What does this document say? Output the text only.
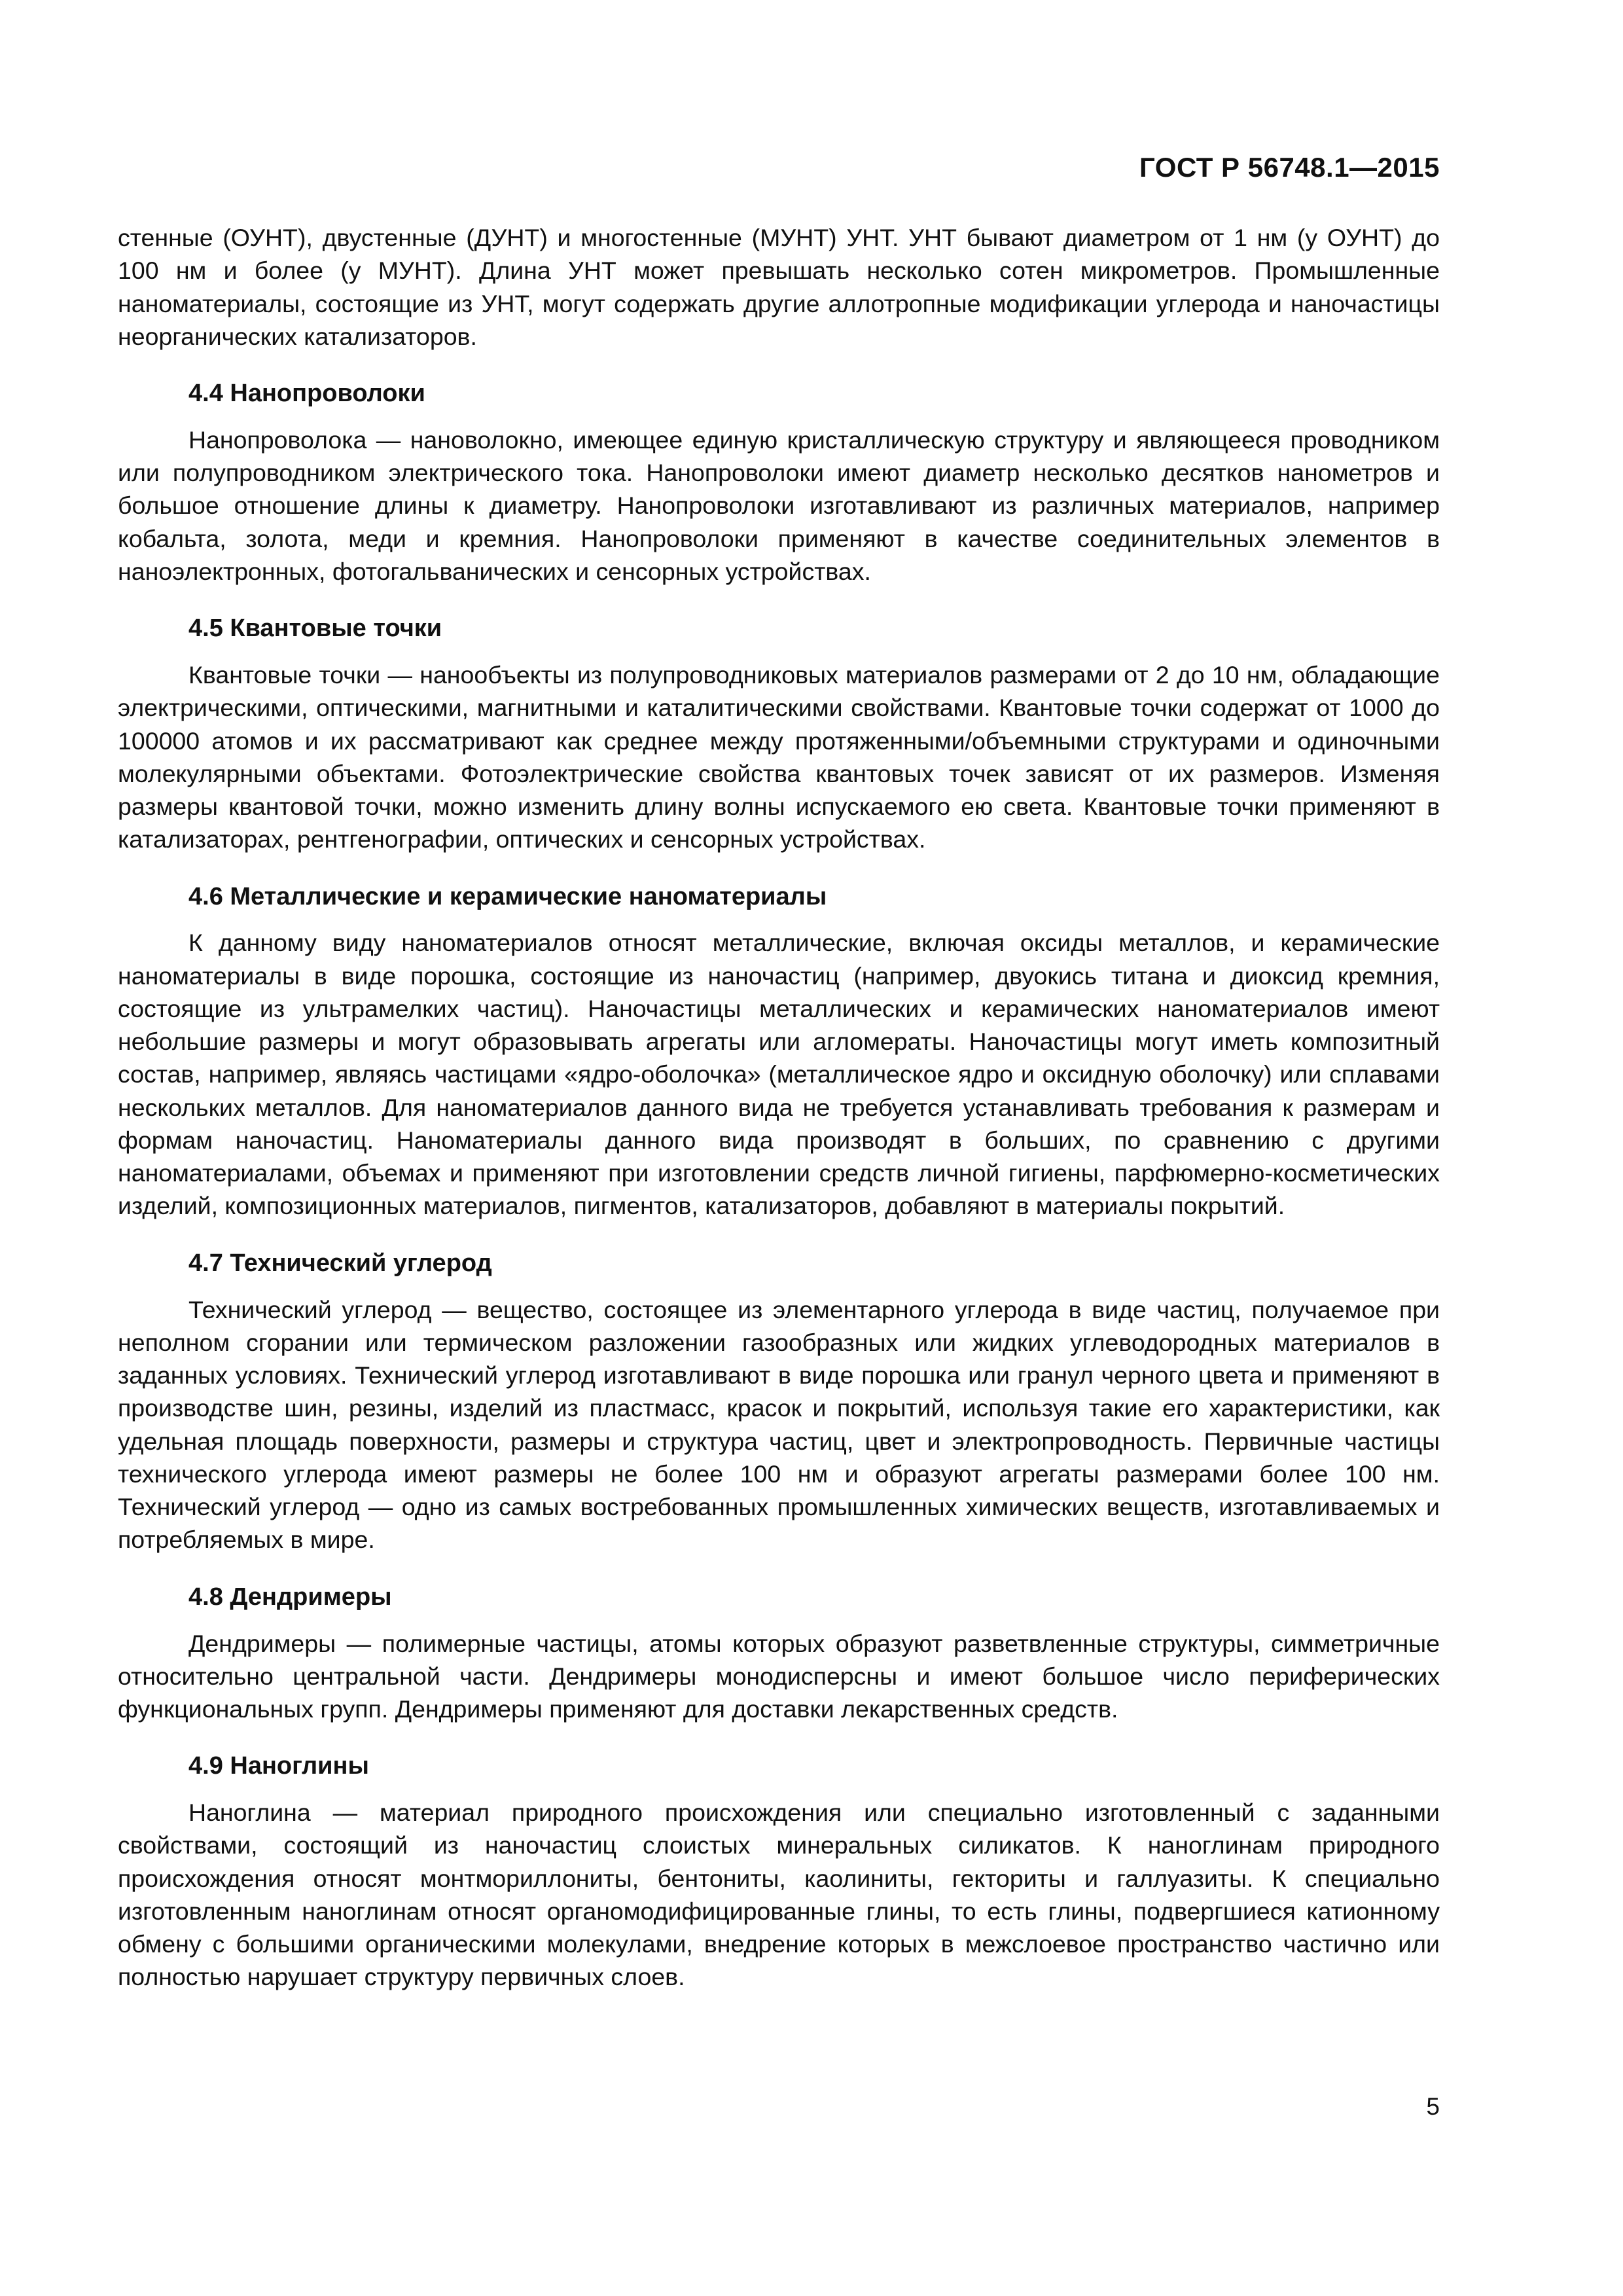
ГОСТ Р 56748.1—2015

стенные (ОУНТ), двустенные (ДУНТ) и многостенные (МУНТ) УНТ. УНТ бывают диаметром от 1 нм (у ОУНТ) до 100 нм и более (у МУНТ). Длина УНТ может превышать несколько сотен микрометров. Промышленные наноматериалы, состоящие из УНТ, могут содержать другие аллотропные модификации углерода и наночастицы неорганических катализаторов.

4.4 Нанопроволоки

Нанопроволока — нановолокно, имеющее единую кристаллическую структуру и являющееся проводником или полупроводником электрического тока. Нанопроволоки имеют диаметр несколько десятков нанометров и большое отношение длины к диаметру. Нанопроволоки изготавливают из различных материалов, например кобальта, золота, меди и кремния. Нанопроволоки применяют в качестве соединительных элементов в наноэлектронных, фотогальванических и сенсорных устройствах.

4.5 Квантовые точки

Квантовые точки — нанообъекты из полупроводниковых материалов размерами от 2 до 10 нм, обладающие электрическими, оптическими, магнитными и каталитическими свойствами. Квантовые точки содержат от 1000 до 100000 атомов и их рассматривают как среднее между протяженными/объемными структурами и одиночными молекулярными объектами. Фотоэлектрические свойства квантовых точек зависят от их размеров. Изменяя размеры квантовой точки, можно изменить длину волны испускаемого ею света. Квантовые точки применяют в катализаторах, рентгенографии, оптических и сенсорных устройствах.

4.6 Металлические и керамические наноматериалы

К данному виду наноматериалов относят металлические, включая оксиды металлов, и керамические наноматериалы в виде порошка, состоящие из наночастиц (например, двуокись титана и диоксид кремния, состоящие из ультрамелких частиц). Наночастицы металлических и керамических наноматериалов имеют небольшие размеры и могут образовывать агрегаты или агломераты. Наночастицы могут иметь композитный состав, например, являясь частицами «ядро-оболочка» (металлическое ядро и оксидную оболочку) или сплавами нескольких металлов. Для наноматериалов данного вида не требуется устанавливать требования к размерам и формам наночастиц. Наноматериалы данного вида производят в больших, по сравнению с другими наноматериалами, объемах и применяют при изготовлении средств личной гигиены, парфюмерно-косметических изделий, композиционных материалов, пигментов, катализаторов, добавляют в материалы покрытий.

4.7 Технический углерод

Технический углерод — вещество, состоящее из элементарного углерода в виде частиц, получаемое при неполном сгорании или термическом разложении газообразных или жидких углеводородных материалов в заданных условиях. Технический углерод изготавливают в виде порошка или гранул черного цвета и применяют в производстве шин, резины, изделий из пластмасс, красок и покрытий, используя такие его характеристики, как удельная площадь поверхности, размеры и структура частиц, цвет и электропроводность. Первичные частицы технического углерода имеют размеры не более 100 нм и образуют агрегаты размерами более 100 нм. Технический углерод — одно из самых востребованных промышленных химических веществ, изготавливаемых и потребляемых в мире.

4.8 Дендримеры

Дендримеры — полимерные частицы, атомы которых образуют разветвленные структуры, симметричные относительно центральной части. Дендримеры монодисперсны и имеют большое число периферических функциональных групп. Дендримеры применяют для доставки лекарственных средств.

4.9 Наноглины

Наноглина — материал природного происхождения или специально изготовленный с заданными свойствами, состоящий из наночастиц слоистых минеральных силикатов. К наноглинам природного происхождения относят монтмориллониты, бентониты, каолиниты, гекториты и галлуазиты. К специально изготовленным наноглинам относят органомодифицированные глины, то есть глины, подвергшиеся катионному обмену с большими органическими молекулами, внедрение которых в межслоевое пространство частично или полностью нарушает структуру первичных слоев.

5
